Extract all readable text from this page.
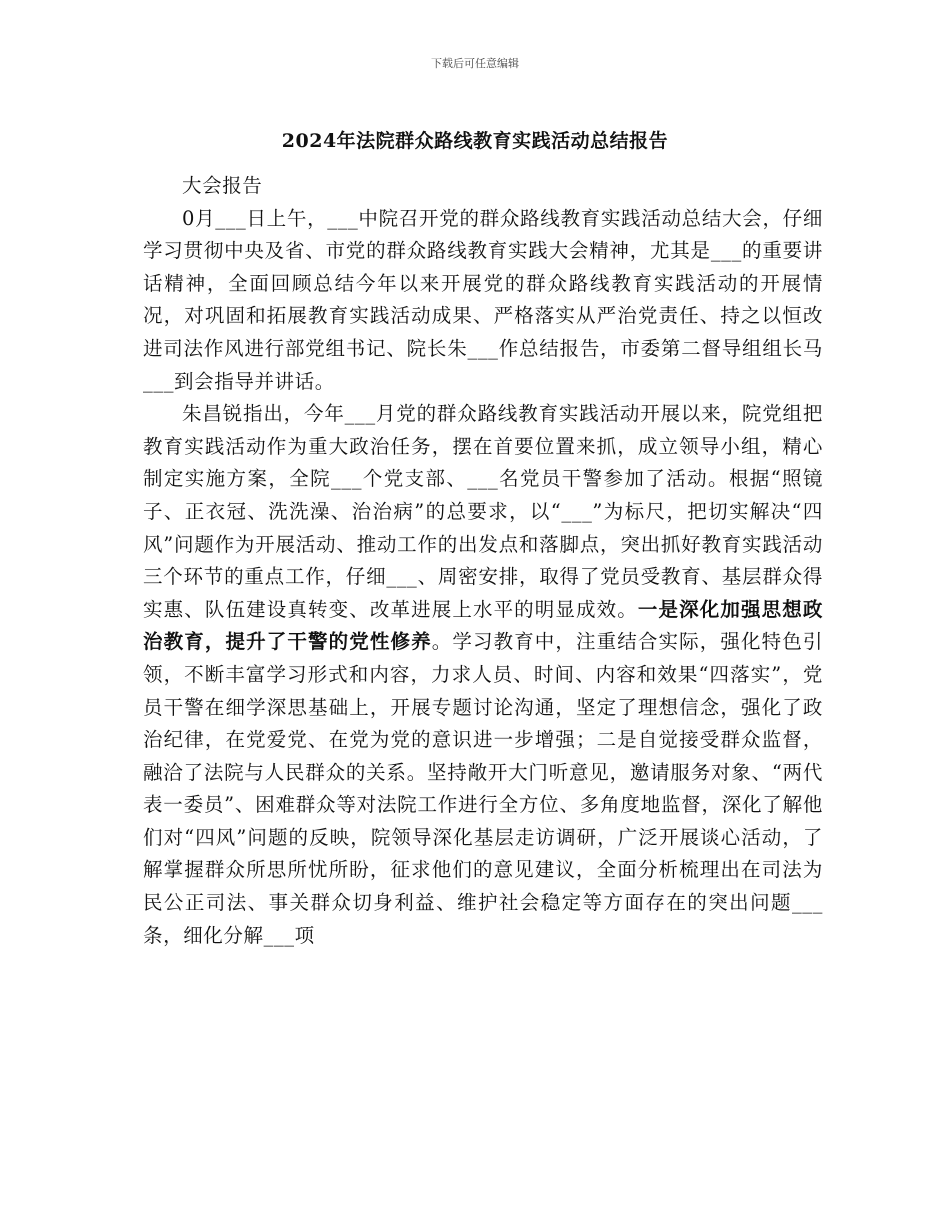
下载后可任意编辑
2024年法院群众路线教育实践活动总结报告

大会报告

0月___日上午，___中院召开党的群众路线教育实践活动总结大会，仔细学习贯彻中央及省、市党的群众路线教育实践大会精神，尤其是___的重要讲话精神，全面回顾总结今年以来开展党的群众路线教育实践活动的开展情况，对巩固和拓展教育实践活动成果、严格落实从严治党责任、持之以恒改进司法作风进行部党组书记、院长朱___作总结报告，市委第二督导组组长马___到会指导并讲话。

朱昌锐指出，今年___月党的群众路线教育实践活动开展以来，院党组把教育实践活动作为重大政治任务，摆在首要位置来抓，成立领导小组，精心制定实施方案，全院___个党支部、___名党员干警参加了活动。根据“照镜子、正衣冠、洗洗澡、治治病”的总要求，以“___”为标尺，把切实解决“四风”问题作为开展活动、推动工作的出发点和落脚点，突出抓好教育实践活动三个环节的重点工作，仔细___、周密安排，取得了党员受教育、基层群众得实惠、队伍建设真转变、改革进展上水平的明显成效。一是深化加强思想政治教育，提升了干警的党性修养。学习教育中，注重结合实际，强化特色引领，不断丰富学习形式和内容，力求人员、时间、内容和效果“四落实”，党员干警在细学深思基础上，开展专题讨论沟通，坚定了理想信念，强化了政治纪律，在党爱党、在党为党的意识进一步增强；二是自觉接受群众监督，融洽了法院与人民群众的关系。坚持敞开大门听意见，邀请服务对象、“两代表一委员”、困难群众等对法院工作进行全方位、多角度地监督，深化了解他们对“四风”问题的反映，院领导深化基层走访调研，广泛开展谈心活动，了解掌握群众所思所忧所盼，征求他们的意见建议，全面分析梳理出在司法为民公正司法、事关群众切身利益、维护社会稳定等方面存在的突出问题___条，细化分解___项
